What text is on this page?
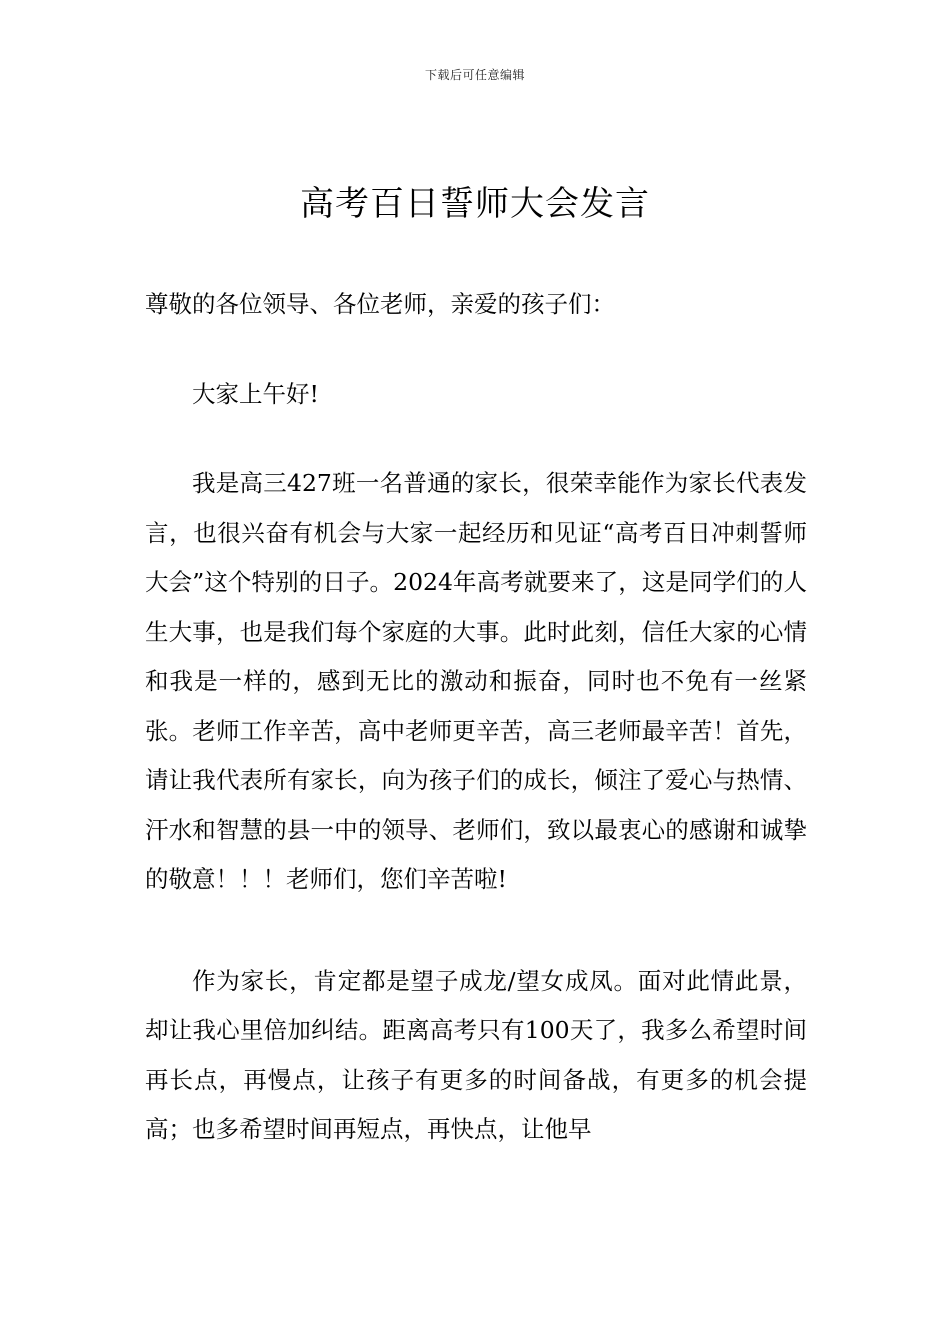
下载后可任意编辑
高考百日誓师大会发言

尊敬的各位领导、各位老师，亲爱的孩子们：

大家上午好!

我是高三427班一名普通的家长，很荣幸能作为家长代表发言，也很兴奋有机会与大家一起经历和见证“高考百日冲刺誓师大会”这个特别的日子。2024年高考就要来了，这是同学们的人生大事，也是我们每个家庭的大事。此时此刻，信任大家的心情和我是一样的，感到无比的激动和振奋，同时也不免有一丝紧张。老师工作辛苦，高中老师更辛苦，高三老师最辛苦！首先，请让我代表所有家长，向为孩子们的成长，倾注了爱心与热情、汗水和智慧的县一中的领导、老师们，致以最衷心的感谢和诚挚的敬意！！！老师们，您们辛苦啦!

作为家长，肯定都是望子成龙/望女成凤。面对此情此景，却让我心里倍加纠结。距离高考只有100天了，我多么希望时间再长点，再慢点，让孩子有更多的时间备战，有更多的机会提高；也多希望时间再短点，再快点，让他早
